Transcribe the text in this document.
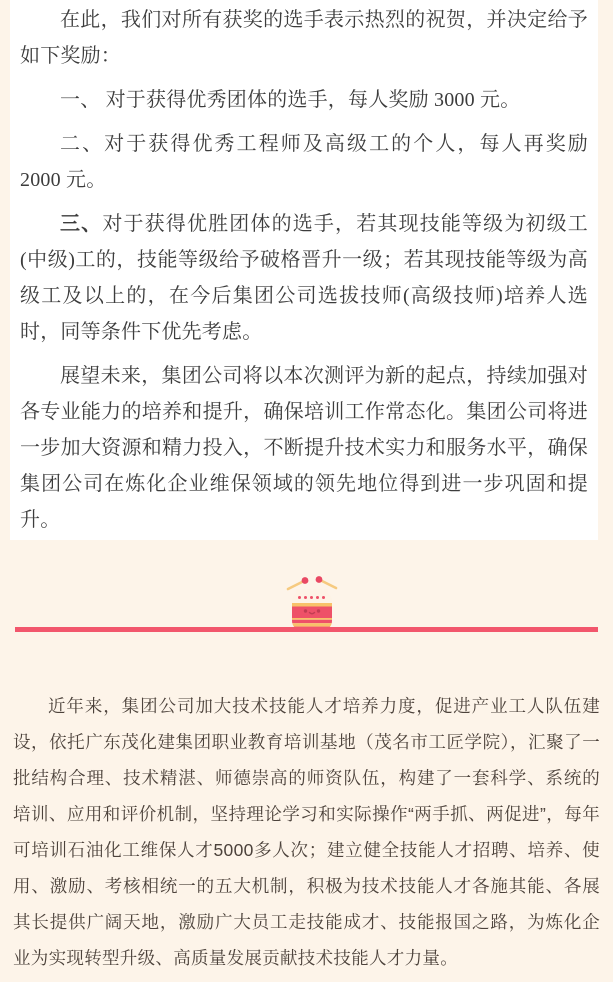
在此，我们对所有获奖的选手表示热烈的祝贺，并决定给予如下奖励：

一、 对于获得优秀团体的选手，每人奖励 3000 元。

二、对于获得优秀工程师及高级工的个人，每人再奖励 2000 元。

三、对于获得优胜团体的选手，若其现技能等级为初级工(中级)工的，技能等级给予破格晋升一级；若其现技能等级为高级工及以上的，在今后集团公司选拔技师(高级技师)培养人选时，同等条件下优先考虑。

展望未来，集团公司将以本次测评为新的起点，持续加强对各专业能力的培养和提升，确保培训工作常态化。集团公司将进一步加大资源和精力投入，不断提升技术实力和服务水平，确保集团公司在炼化企业维保领域的领先地位得到进一步巩固和提升。

近年来，集团公司加大技术技能人才培养力度，促进产业工人队伍建设，依托广东茂化建集团职业教育培训基地（茂名市工匠学院），汇聚了一批结构合理、技术精湛、师德崇高的师资队伍，构建了一套科学、系统的培训、应用和评价机制，坚持理论学习和实际操作“两手抓、两促进”，每年可培训石油化工维保人才5000多人次；建立健全技能人才招聘、培养、使用、激励、考核相统一的五大机制，积极为技术技能人才各施其能、各展其长提供广阔天地，激励广大员工走技能成才、技能报国之路，为炼化企业为实现转型升级、高质量发展贡献技术技能人才力量。
